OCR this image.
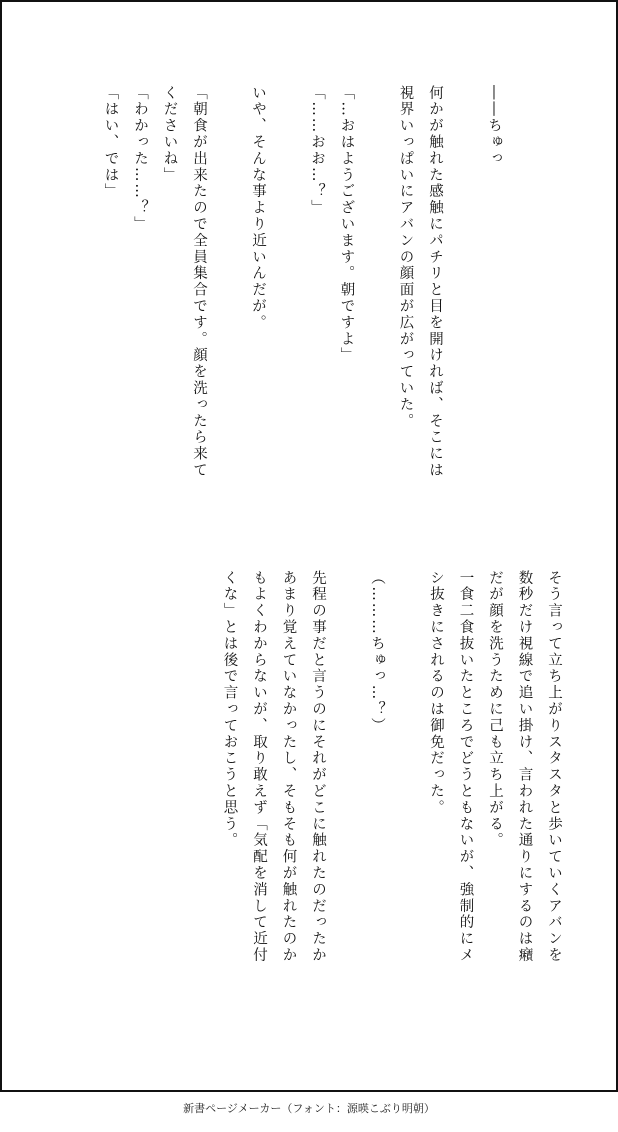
――ちゅっ

何かが触れた感触にパチリと目を開ければ、そこには
視界いっぱいにアバンの顔面が広がっていた。

「…おはようございます。朝ですよ」
「……おお…？」

いや、そんな事より近いんだが。

「朝食が出来たので全員集合です。顔を洗ったら来て
くださいね」
「わかった……？」
「はい、では」
そう言って立ち上がりスタスタと歩いていくアバンを
数秒だけ視線で追い掛け、言われた通りにするのは癪
だが顔を洗うために己も立ち上がる。
一食二食抜いたところでどうともないが、強制的にメ
シ抜きにされるのは御免だった。

（………ちゅっ…？）

先程の事だと言うのにそれがどこに触れたのだったか
あまり覚えていなかったし、そもそも何が触れたのか
もよくわからないが、取り敢えず「気配を消して近付
くな」とは後で言っておこうと思う。
新書ページメーカー（フォント：源暎こぶり明朝）
